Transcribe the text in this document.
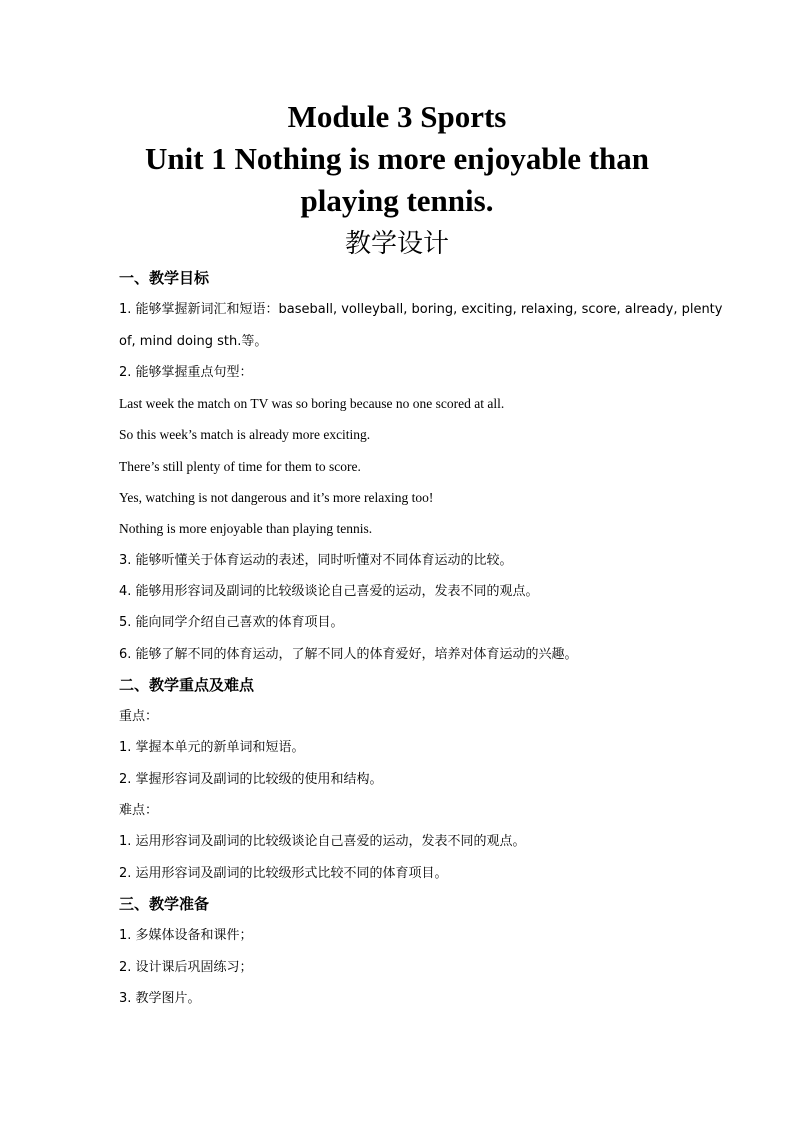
Module 3 Sports
Unit 1 Nothing is more enjoyable than
playing tennis.
教学设计
一、教学目标
1. 能够掌握新词汇和短语：baseball, volleyball, boring, exciting, relaxing, score, already, plenty
of, mind doing sth.等。
2. 能够掌握重点句型：
Last week the match on TV was so boring because no one scored at all.
So this week’s match is already more exciting.
There’s still plenty of time for them to score.
Yes, watching is not dangerous and it’s more relaxing too!
Nothing is more enjoyable than playing tennis.
3. 能够听懂关于体育运动的表述，同时听懂对不同体育运动的比较。
4. 能够用形容词及副词的比较级谈论自己喜爱的运动，发表不同的观点。
5. 能向同学介绍自己喜欢的体育项目。
6. 能够了解不同的体育运动，了解不同人的体育爱好，培养对体育运动的兴趣。
二、教学重点及难点
重点：
1. 掌握本单元的新单词和短语。
2. 掌握形容词及副词的比较级的使用和结构。
难点：
1. 运用形容词及副词的比较级谈论自己喜爱的运动，发表不同的观点。
2. 运用形容词及副词的比较级形式比较不同的体育项目。
三、教学准备
1. 多媒体设备和课件；
2. 设计课后巩固练习；
3. 教学图片。
